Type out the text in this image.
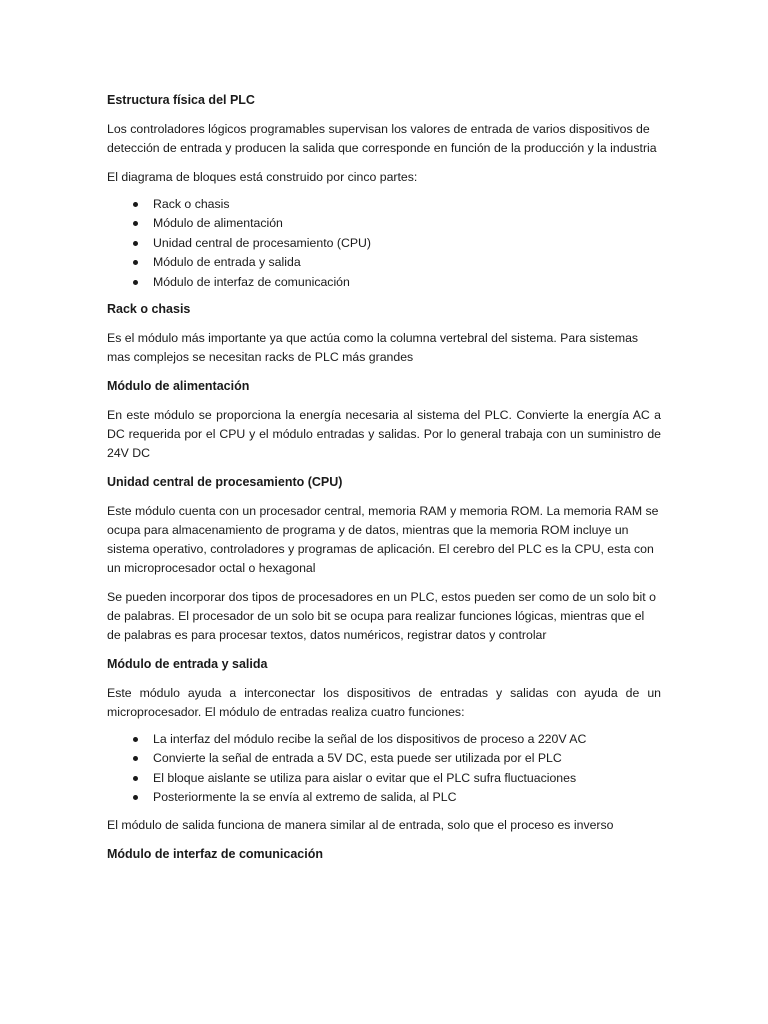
Estructura física del PLC

Los controladores lógicos programables supervisan los valores de entrada de varios dispositivos de detección de entrada y producen la salida que corresponde en función de la producción y la industria

El diagrama de bloques está construido por cinco partes:

Rack o chasis
Módulo de alimentación
Unidad central de procesamiento (CPU)
Módulo de entrada y salida
Módulo de interfaz de comunicación

Rack o chasis

Es el módulo más importante ya que actúa como la columna vertebral del sistema. Para sistemas mas complejos se necesitan racks de PLC más grandes

Módulo de alimentación

En este módulo se proporciona la energía necesaria al sistema del PLC. Convierte la energía AC a DC requerida por el CPU y el módulo entradas y salidas. Por lo general trabaja con un suministro de 24V DC

Unidad central de procesamiento (CPU)

Este módulo cuenta con un procesador central, memoria RAM y memoria ROM. La memoria RAM se ocupa para almacenamiento de programa y de datos, mientras que la memoria ROM incluye un sistema operativo, controladores y programas de aplicación. El cerebro del PLC es la CPU, esta con un microprocesador octal o hexagonal

Se pueden incorporar dos tipos de procesadores en un PLC, estos pueden ser como de un solo bit o de palabras. El procesador de un solo bit se ocupa para realizar funciones lógicas, mientras que el de palabras es para procesar textos, datos numéricos, registrar datos y controlar

Módulo de entrada y salida

Este módulo ayuda a interconectar los dispositivos de entradas y salidas con ayuda de un microprocesador. El módulo de entradas realiza cuatro funciones:

La interfaz del módulo recibe la señal de los dispositivos de proceso a 220V AC
Convierte la señal de entrada a 5V DC, esta puede ser utilizada por el PLC
El bloque aislante se utiliza para aislar o evitar que el PLC sufra fluctuaciones
Posteriormente la se envía al extremo de salida, al PLC

El módulo de salida funciona de manera similar al de entrada, solo que el proceso es inverso

Módulo de interfaz de comunicación
